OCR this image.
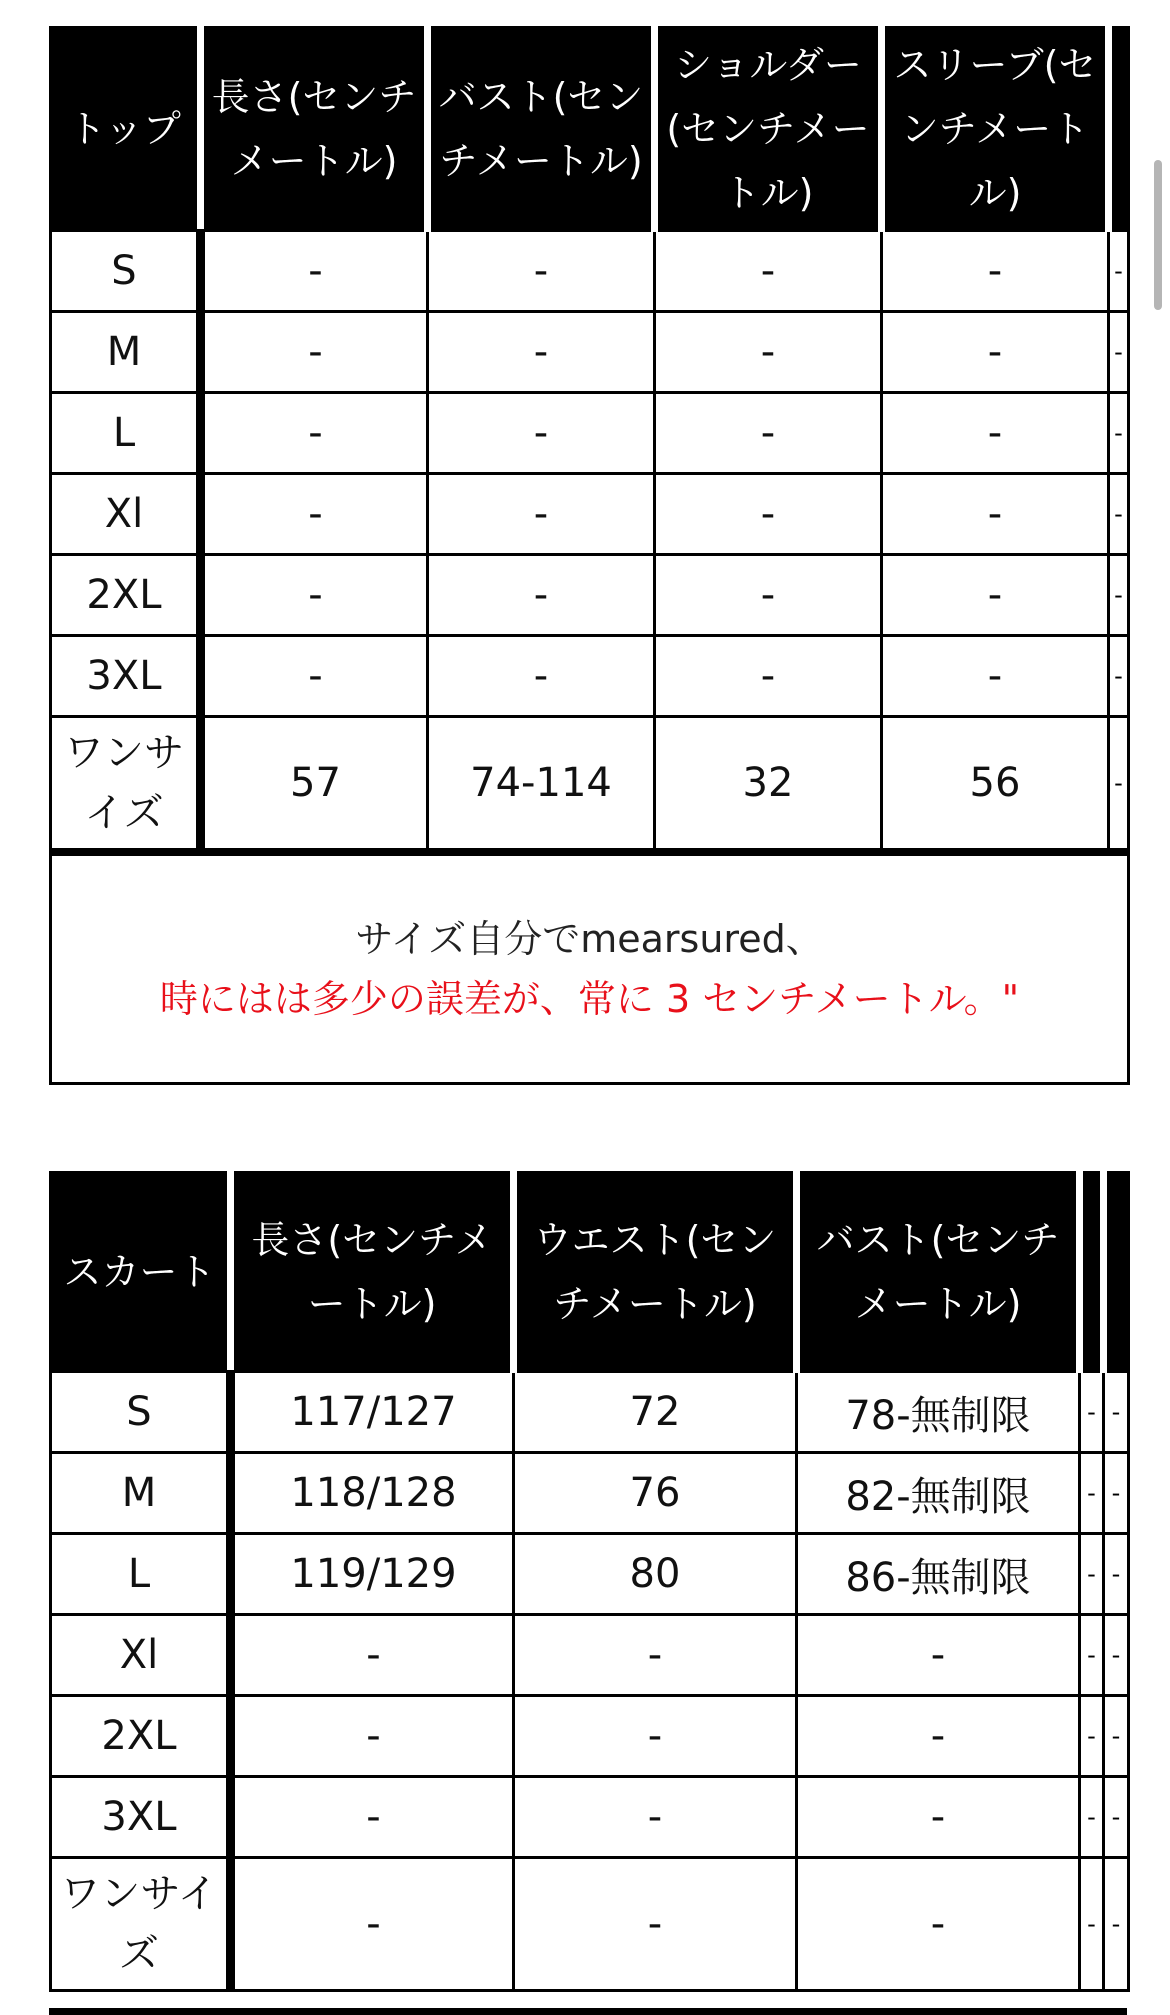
トップ	長さ(センチメートル)	バスト(センチメートル)	ショルダー(センチメートル)	スリーブ(センチメートル)	
S	-	-	-	-	-
M	-	-	-	-	-
L	-	-	-	-	-
Xl	-	-	-	-	-
2XL	-	-	-	-	-
3XL	-	-	-	-	-
ワンサイズ	57	74-114	32	56	-

サイズ自分でmearsured、
時にはは多少の誤差が、常に 3 センチメートル。"					
スカート	長さ(センチメートル)	ウエスト(センチメートル)	バスト(センチメートル)		
S	117/127	72	78-無制限	-	-
M	118/128	76	82-無制限	-	-
L	119/129	80	86-無制限	-	-
Xl	-	-	-	-	-
2XL	-	-	-	-	-
3XL	-	-	-	-	-
ワンサイズ	-	-	-	-	-
